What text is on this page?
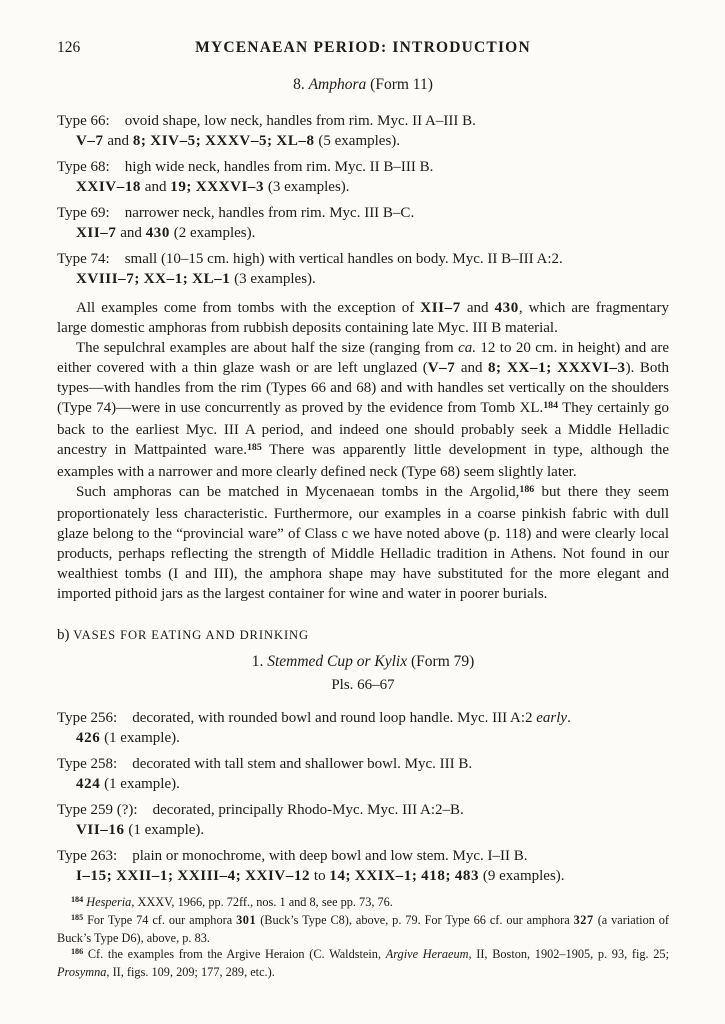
126	MYCENAEAN PERIOD: INTRODUCTION
8. Amphora (Form 11)
Type 66:  ovoid shape, low neck, handles from rim. Myc. II A–III B.
V–7 and 8; XIV–5; XXXV–5; XL–8 (5 examples).
Type 68:  high wide neck, handles from rim. Myc. II B–III B.
XXIV–18 and 19; XXXVI–3 (3 examples).
Type 69:  narrower neck, handles from rim. Myc. III B–C.
XII–7 and 430 (2 examples).
Type 74:  small (10–15 cm. high) with vertical handles on body. Myc. II B–III A:2.
XVIII–7; XX–1; XL–1 (3 examples).

All examples come from tombs with the exception of XII–7 and 430, which are fragmentary large domestic amphoras from rubbish deposits containing late Myc. III B material.

The sepulchral examples are about half the size (ranging from ca. 12 to 20 cm. in height) and are either covered with a thin glaze wash or are left unglazed (V–7 and 8; XX–1; XXXVI–3). Both types—with handles from the rim (Types 66 and 68) and with handles set vertically on the shoulders (Type 74)—were in use concurrently as proved by the evidence from Tomb XL.$^{184}$ They certainly go back to the earliest Myc. III A period, and indeed one should probably seek a Middle Helladic ancestry in Mattpainted ware.$^{185}$ There was apparently little development in type, although the examples with a narrower and more clearly defined neck (Type 68) seem slightly later.

Such amphoras can be matched in Mycenaean tombs in the Argolid,$^{186}$ but there they seem proportionately less characteristic. Furthermore, our examples in a coarse pinkish fabric with dull glaze belong to the “provincial ware” of Class c we have noted above (p. 118) and were clearly local products, perhaps reflecting the strength of Middle Helladic tradition in Athens. Not found in our wealthiest tombs (I and III), the amphora shape may have substituted for the more elegant and imported pithoid jars as the largest container for wine and water in poorer burials.

b) VASES FOR EATING AND DRINKING
1. Stemmed Cup or Kylix (Form 79)
Pls. 66–67
Type 256:  decorated, with rounded bowl and round loop handle. Myc. III A:2 early.
426 (1 example).
Type 258:  decorated with tall stem and shallower bowl. Myc. III B.
424 (1 example).
Type 259 (?):  decorated, principally Rhodo-Myc. Myc. III A:2–B.
VII–16 (1 example).
Type 263:  plain or monochrome, with deep bowl and low stem. Myc. I–II B.
I–15; XXII–1; XXIII–4; XXIV–12 to 14; XXIX–1; 418; 483 (9 examples).

$^{184}$ Hesperia, XXXV, 1966, pp. 72ff., nos. 1 and 8, see pp. 73, 76.

$^{185}$ For Type 74 cf. our amphora 301 (Buck’s Type C8), above, p. 79. For Type 66 cf. our amphora 327 (a variation of Buck’s Type D6), above, p. 83.

$^{186}$ Cf. the examples from the Argive Heraion (C. Waldstein, Argive Heraeum, II, Boston, 1902–1905, p. 93, fig. 25; Prosymna, II, figs. 109, 209; 177, 289, etc.).
